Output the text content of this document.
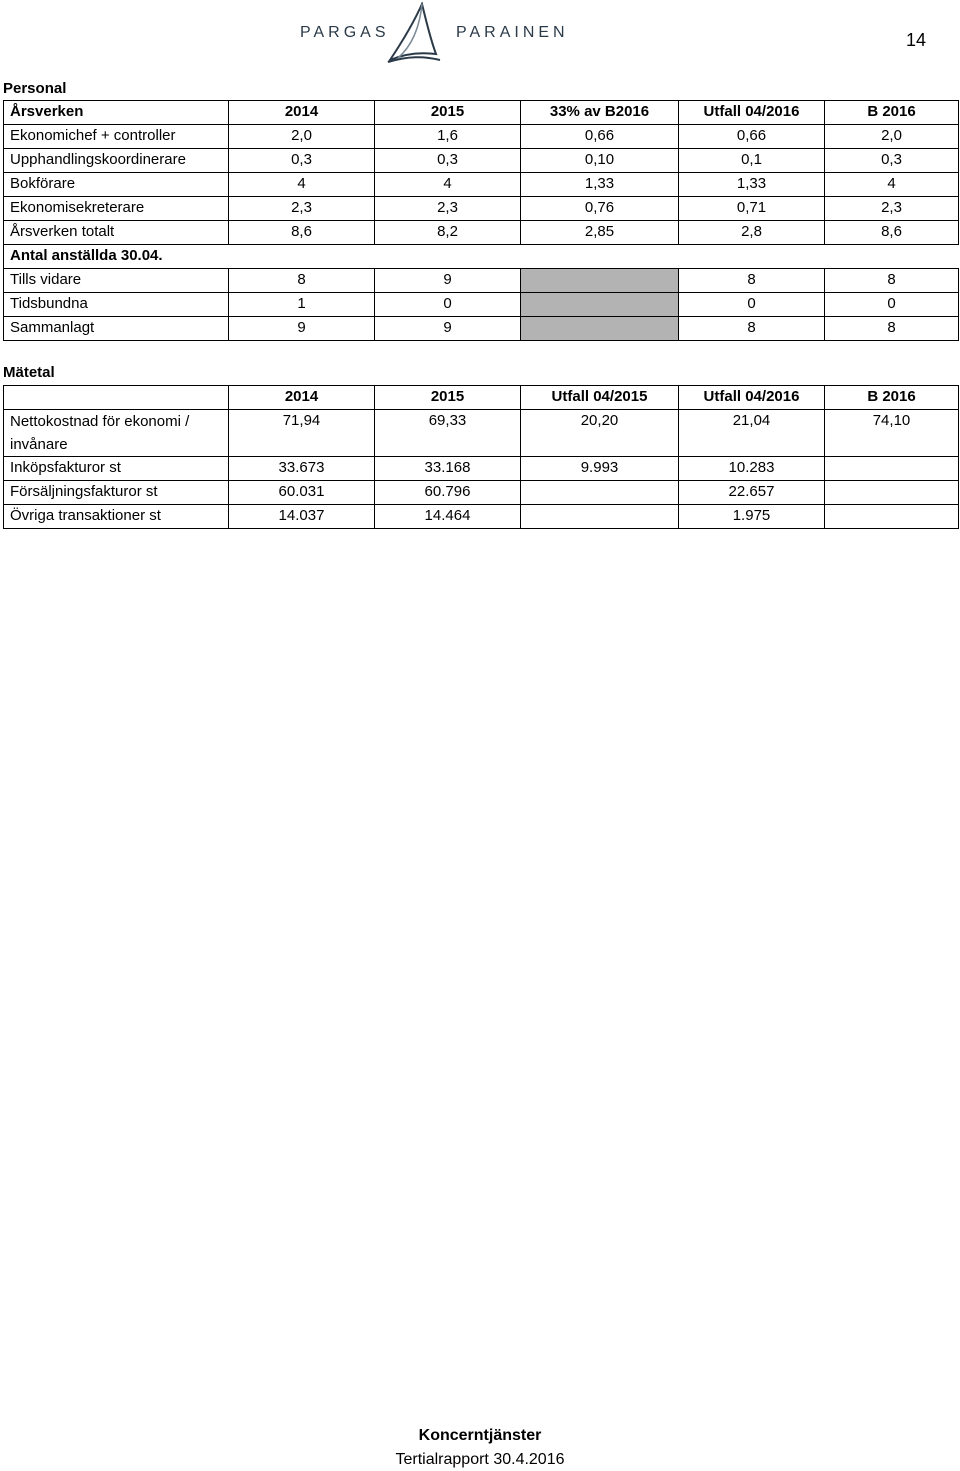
PARGAS	PARAINEN	14
Personal
Årsverken	2014	2015	33% av B2016	Utfall 04/2016	B 2016
Ekonomichef + controller	2,0	1,6	0,66	0,66	2,0
Upphandlingskoordinerare	0,3	0,3	0,10	0,1	0,3
Bokförare	4	4	1,33	1,33	4
Ekonomisekreterare	2,3	2,3	0,76	0,71	2,3
Årsverken totalt	8,6	8,2	2,85	2,8	8,6
Antal anställda 30.04.					
Tills vidare	8	9		8	8
Tidsbundna	1	0		0	0
Sammanlagt	9	9		8	8
Mätetal
	2014	2015	Utfall 04/2015	Utfall 04/2016	B 2016
Nettokostnad för ekonomi / invånare	71,94	69,33	20,20	21,04	74,10
Inköpsfakturor st	33.673	33.168	9.993	10.283	
Försäljningsfakturor st	60.031	60.796		22.657	
Övriga transaktioner st	14.037	14.464		1.975	
Koncerntjänster
Tertialrapport 30.4.2016
